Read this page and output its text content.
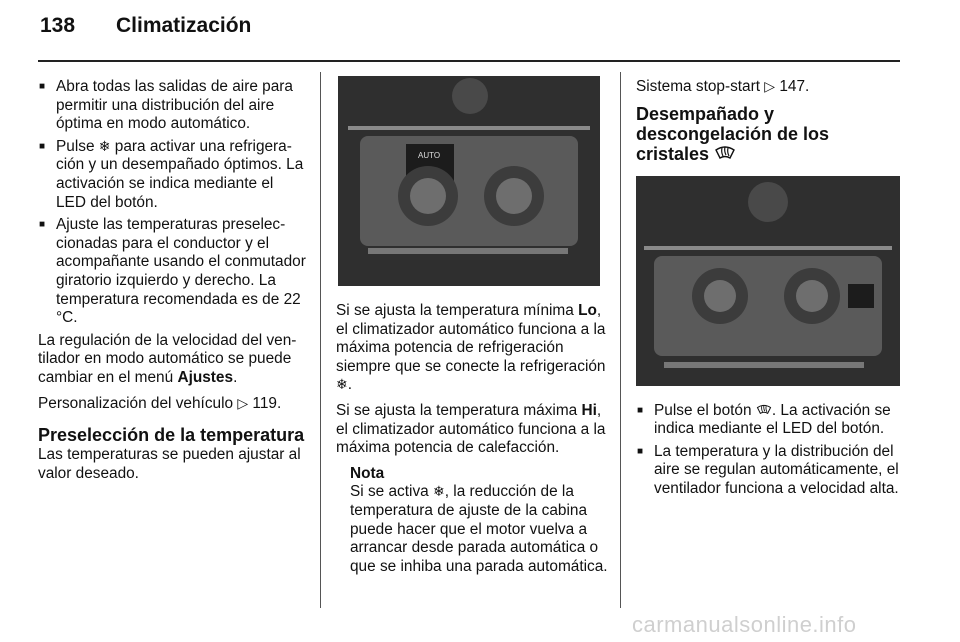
138 Climatización
■ Abra todas las salidas de aire para permitir una distribución del aire óptima en modo automático.
■ Pulse ❄ para activar una refrigeración y un desempañado óptimos. La activación se indica mediante el LED del botón.
■ Ajuste las temperaturas preseleccionadas para el conductor y el acompañante usando el conmutador giratorio izquierdo y derecho. La temperatura recomendada es de 22 °C.

La regulación de la velocidad del ventilador en modo automático se puede cambiar en el menú Ajustes.

Personalización del vehículo ▷ 119.

Preselección de la temperatura

Las temperaturas se pueden ajustar al valor deseado.

AUTO

Si se ajusta la temperatura mínima Lo, el climatizador automático funciona a la máxima potencia de refrigeración siempre que se conecte la refrigeración ❄.

Si se ajusta la temperatura máxima Hi, el climatizador automático funciona a la máxima potencia de calefacción.

Nota
Si se activa ❄, la reducción de la temperatura de ajuste de la cabina puede hacer que el motor vuelva a arrancar desde parada automática o que se inhiba una parada automática.

Sistema stop-start ▷ 147.

Desempañado y descongelación de los cristales
■ Pulse el botón . La activación se indica mediante el LED del botón.
■ La temperatura y la distribución del aire se regulan automáticamente, el ventilador funciona a velocidad alta.
carmanualsonline.info
